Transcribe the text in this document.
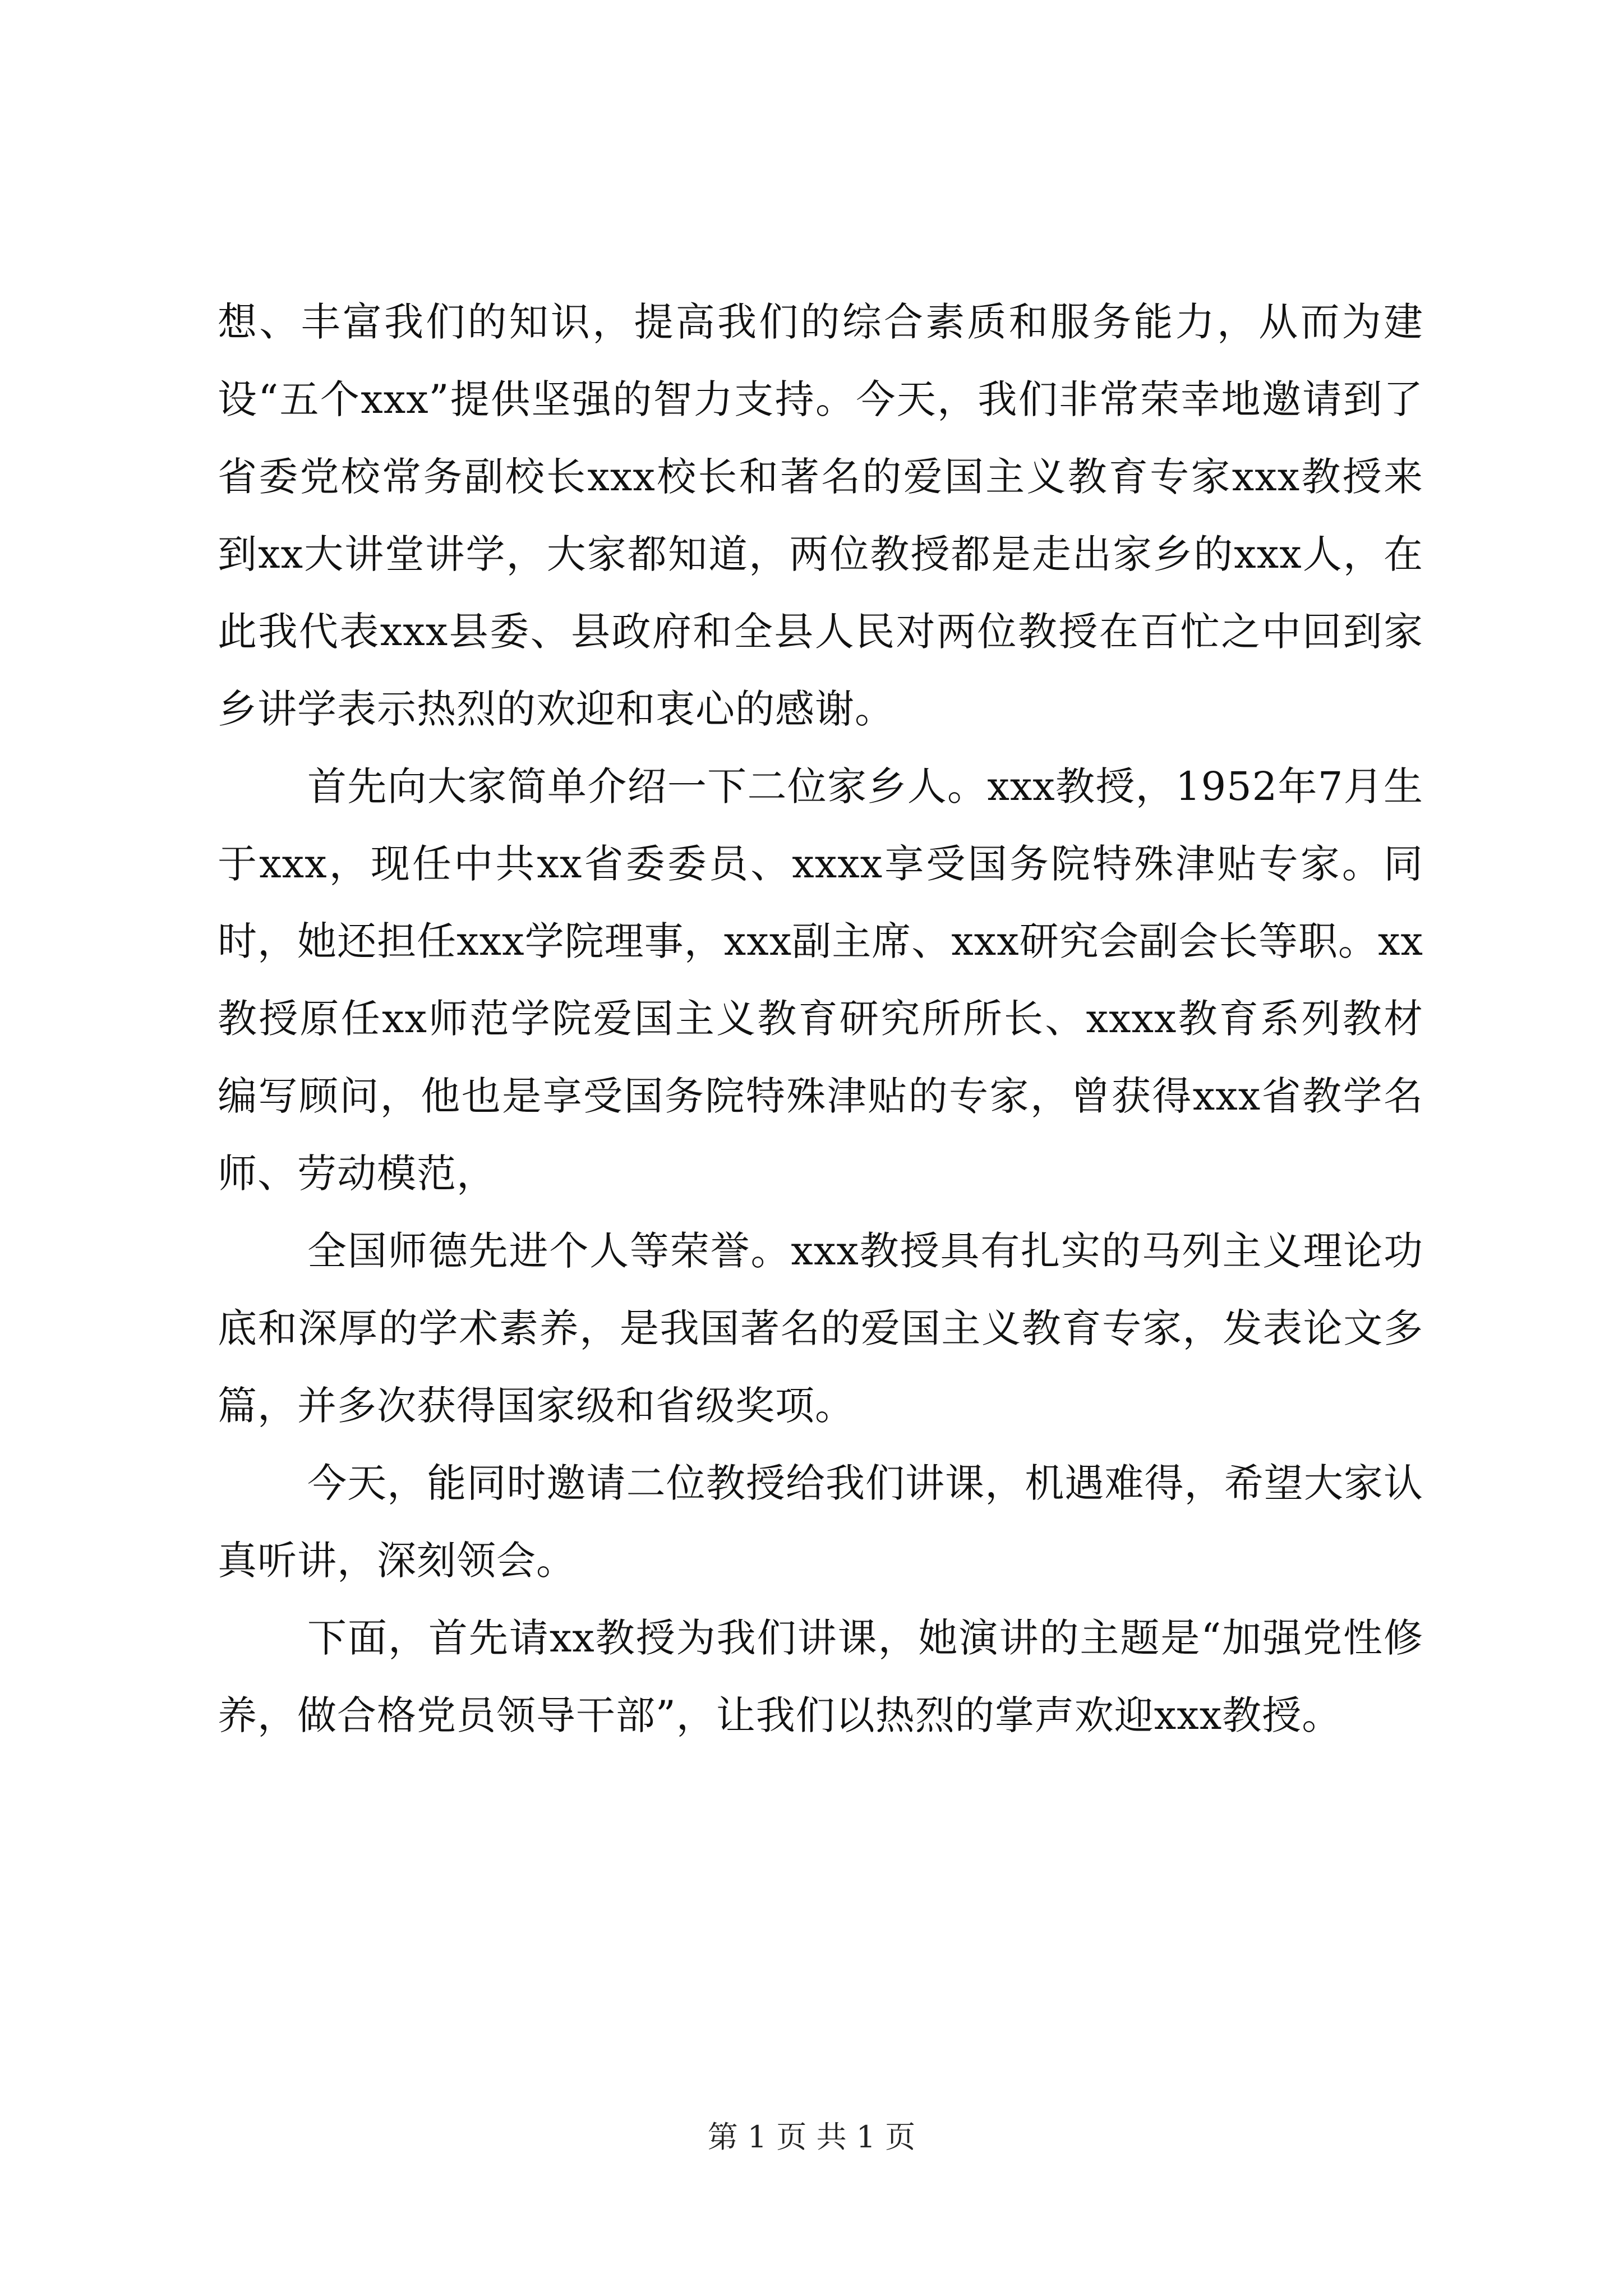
想、丰富我们的知识，提高我们的综合素质和服务能力，从而为建设“五个xxx”提供坚强的智力支持。今天，我们非常荣幸地邀请到了省委党校常务副校长xxx校长和著名的爱国主义教育专家xxx教授来到xx大讲堂讲学，大家都知道，两位教授都是走出家乡的xxx人，在此我代表xxx县委、县政府和全县人民对两位教授在百忙之中回到家乡讲学表示热烈的欢迎和衷心的感谢。

首先向大家简单介绍一下二位家乡人。xxx教授，1952年7月生于xxx，现任中共xx省委委员、xxxx享受国务院特殊津贴专家。同时，她还担任xxx学院理事，xxx副主席、xxx研究会副会长等职。xx教授原任xx师范学院爱国主义教育研究所所长、xxxx教育系列教材编写顾问，他也是享受国务院特殊津贴的专家，曾获得xxx省教学名师、劳动模范，

全国师德先进个人等荣誉。xxx教授具有扎实的马列主义理论功底和深厚的学术素养，是我国著名的爱国主义教育专家，发表论文多篇，并多次获得国家级和省级奖项。

今天，能同时邀请二位教授给我们讲课，机遇难得，希望大家认真听讲，深刻领会。

下面，首先请xx教授为我们讲课，她演讲的主题是“加强党性修养，做合格党员领导干部”，让我们以热烈的掌声欢迎xxx教授。

第 1 页 共 1 页
